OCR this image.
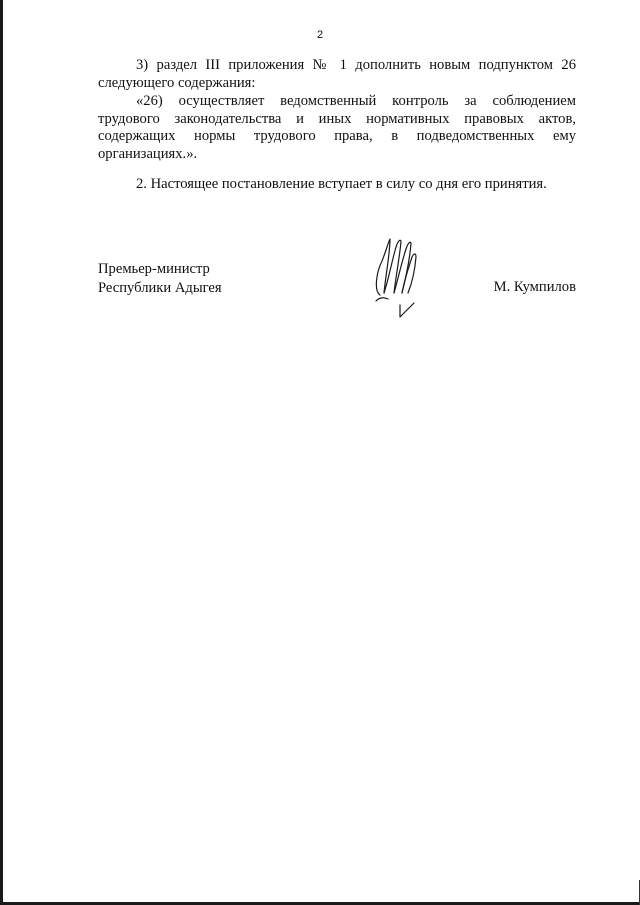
2

3) раздел III приложения № 1 дополнить новым подпунктом 26 следующего содержания:

«26) осуществляет ведомственный контроль за соблюдением трудового законодательства и иных нормативных правовых актов, содержащих нормы трудового права, в подведомственных ему организациях.».

2. Настоящее постановление вступает в силу со дня его принятия.

Премьер-министр
Республики Адыгея	М. Кумпилов
